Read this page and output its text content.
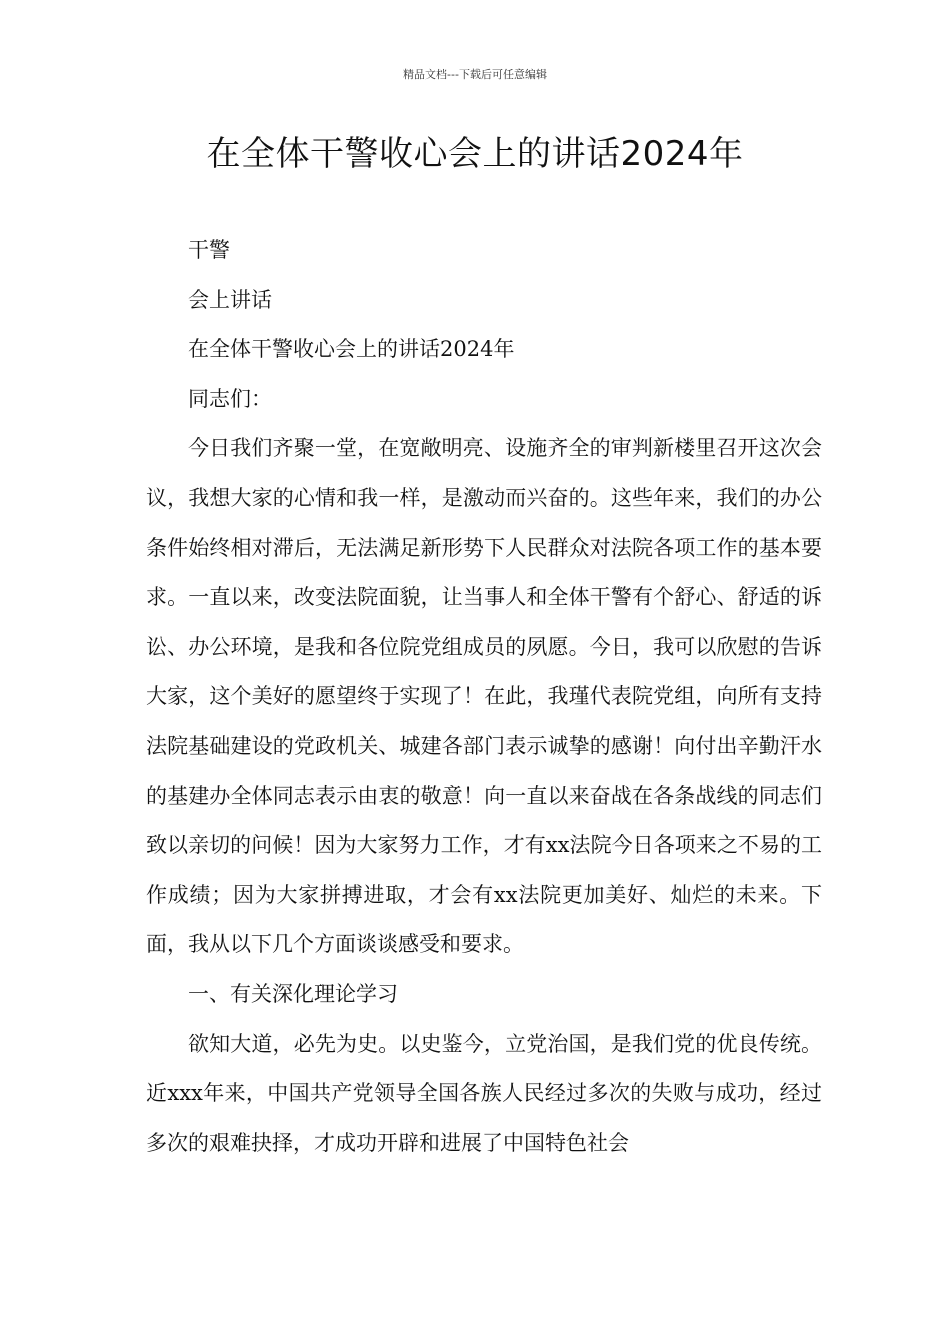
精品文档---下载后可任意编辑
在全体干警收心会上的讲话2024年

干警

会上讲话

在全体干警收心会上的讲话2024年

同志们：

今日我们齐聚一堂，在宽敞明亮、设施齐全的审判新楼里召开这次会议，我想大家的心情和我一样，是激动而兴奋的。这些年来，我们的办公条件始终相对滞后，无法满足新形势下人民群众对法院各项工作的基本要求。一直以来，改变法院面貌，让当事人和全体干警有个舒心、舒适的诉讼、办公环境，是我和各位院党组成员的夙愿。今日，我可以欣慰的告诉大家，这个美好的愿望终于实现了！在此，我瑾代表院党组，向所有支持法院基础建设的党政机关、城建各部门表示诚挚的感谢！向付出辛勤汗水的基建办全体同志表示由衷的敬意！向一直以来奋战在各条战线的同志们致以亲切的问候！因为大家努力工作，才有xx法院今日各项来之不易的工作成绩；因为大家拼搏进取，才会有xx法院更加美好、灿烂的未来。下面，我从以下几个方面谈谈感受和要求。

一、有关深化理论学习

欲知大道，必先为史。以史鉴今，立党治国，是我们党的优良传统。近xxx年来，中国共产党领导全国各族人民经过多次的失败与成功，经过多次的艰难抉择，才成功开辟和进展了中国特色社会
